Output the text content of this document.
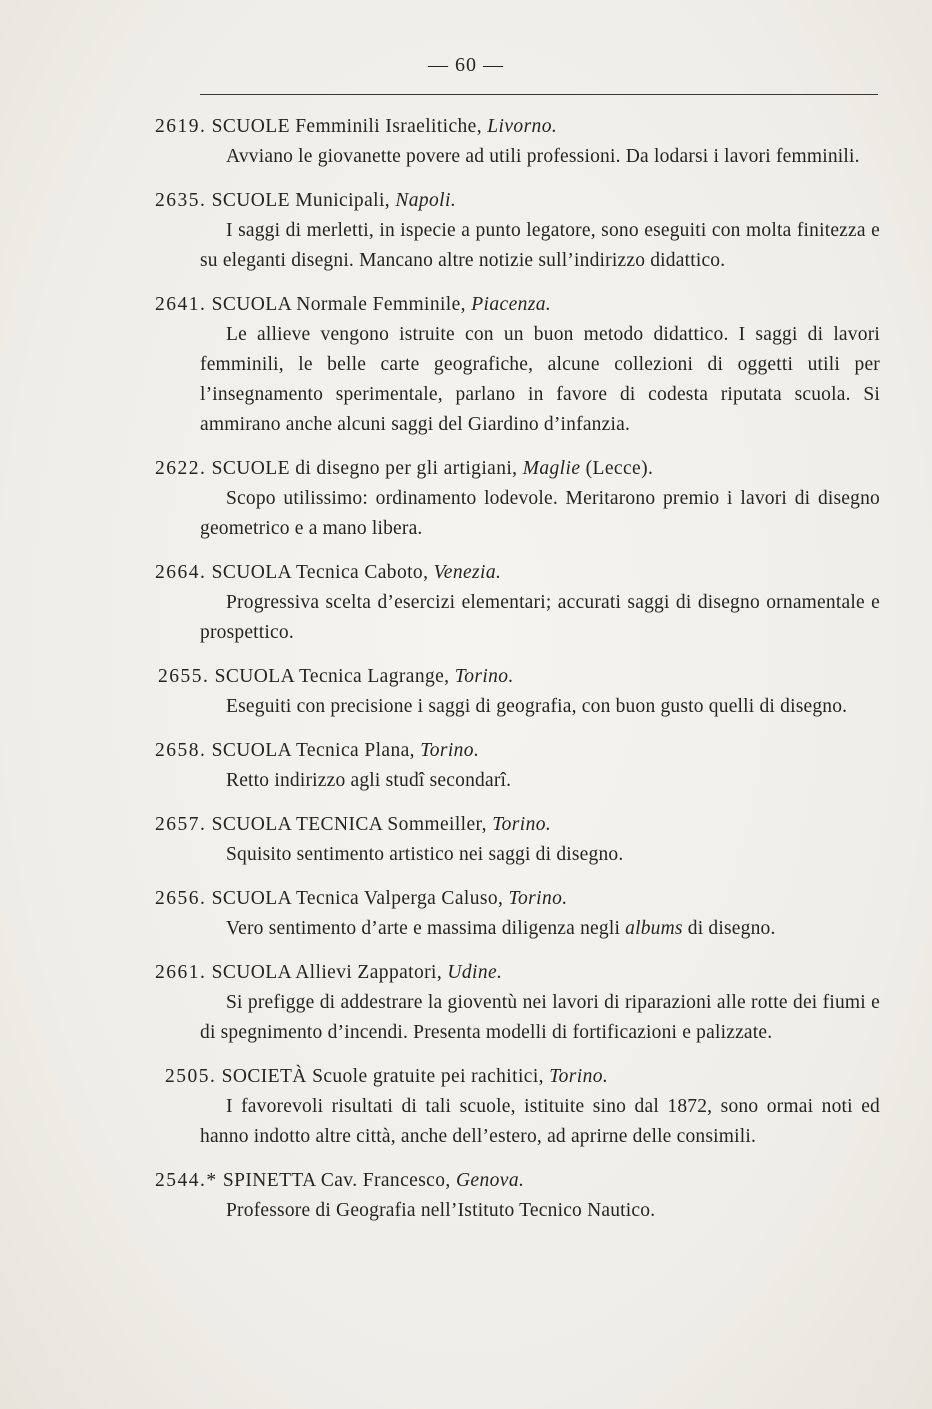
— 60 —
2619. SCUOLE Femminili Israelitiche, Livorno.
Avviano le giovanette povere ad utili professioni. Da lodarsi i lavori femminili.
2635. SCUOLE Municipali, Napoli.
I saggi di merletti, in ispecie a punto legatore, sono eseguiti con molta finitezza e su eleganti disegni. Mancano altre notizie sull’indirizzo didattico.
2641. SCUOLA Normale Femminile, Piacenza.
Le allieve vengono istruite con un buon metodo didattico. I saggi di lavori femminili, le belle carte geografiche, alcune collezioni di oggetti utili per l’insegnamento sperimentale, parlano in favore di codesta riputata scuola. Si ammirano anche alcuni saggi del Giardino d’infanzia.
2622. SCUOLE di disegno per gli artigiani, Maglie (Lecce).
Scopo utilissimo: ordinamento lodevole. Meritarono premio i lavori di disegno geometrico e a mano libera.
2664. SCUOLA Tecnica Caboto, Venezia.
Progressiva scelta d’esercizi elementari; accurati saggi di disegno ornamentale e prospettico.
2655. SCUOLA Tecnica Lagrange, Torino.
Eseguiti con precisione i saggi di geografia, con buon gusto quelli di disegno.
2658. SCUOLA Tecnica Plana, Torino.
Retto indirizzo agli studî secondarî.
2657. SCUOLA TECNICA Sommeiller, Torino.
Squisito sentimento artistico nei saggi di disegno.
2656. SCUOLA Tecnica Valperga Caluso, Torino.
Vero sentimento d’arte e massima diligenza negli albums di disegno.
2661. SCUOLA Allievi Zappatori, Udine.
Si prefigge di addestrare la gioventù nei lavori di riparazioni alle rotte dei fiumi e di spegnimento d’incendi. Presenta modelli di fortificazioni e palizzate.
2505. SOCIETÀ Scuole gratuite pei rachitici, Torino.
I favorevoli risultati di tali scuole, istituite sino dal 1872, sono ormai noti ed hanno indotto altre città, anche dell’estero, ad aprirne delle consimili.
2544.* SPINETTA Cav. Francesco, Genova.
Professore di Geografia nell’Istituto Tecnico Nautico.
